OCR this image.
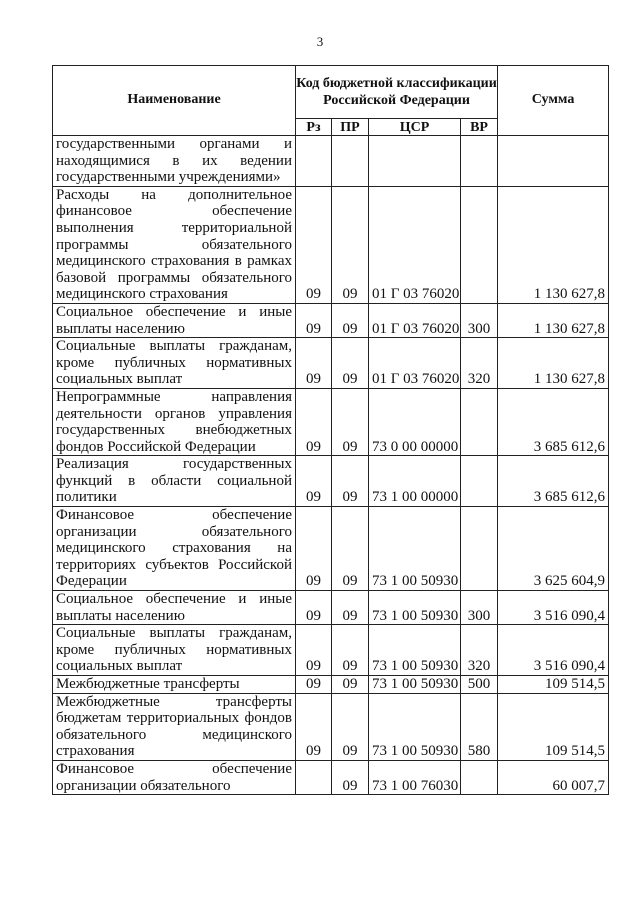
3
Наименование	Код бюджетной классификации Российской Федерации				Сумма
	Рз	ПР	ЦСР	ВР	
государственными органами и находящимися в их ведении государственными учреждениями»					
Расходы на дополнительное финансовое обеспечение выполнения территориальной программы обязательного медицинского страхования в рамках базовой программы обязательного медицинского страхования	09	09	01 Г 03 76020		1 130 627,8
Социальное обеспечение и иные выплаты населению	09	09	01 Г 03 76020	300	1 130 627,8
Социальные выплаты гражданам, кроме публичных нормативных социальных выплат	09	09	01 Г 03 76020	320	1 130 627,8
Непрограммные направления деятельности органов управления государственных внебюджетных фондов Российской Федерации	09	09	73 0 00 00000		3 685 612,6
Реализация государственных функций в области социальной политики	09	09	73 1 00 00000		3 685 612,6
Финансовое обеспечение организации обязательного медицинского страхования на территориях субъектов Российской Федерации	09	09	73 1 00 50930		3 625 604,9
Социальное обеспечение и иные выплаты населению	09	09	73 1 00 50930	300	3 516 090,4
Социальные выплаты гражданам, кроме публичных нормативных социальных выплат	09	09	73 1 00 50930	320	3 516 090,4
Межбюджетные трансферты	09	09	73 1 00 50930	500	109 514,5
Межбюджетные трансферты бюджетам территориальных фондов обязательного медицинского страхования	09	09	73 1 00 50930	580	109 514,5
Финансовое обеспечение организации обязательного		09	73 1 00 76030		60 007,7
